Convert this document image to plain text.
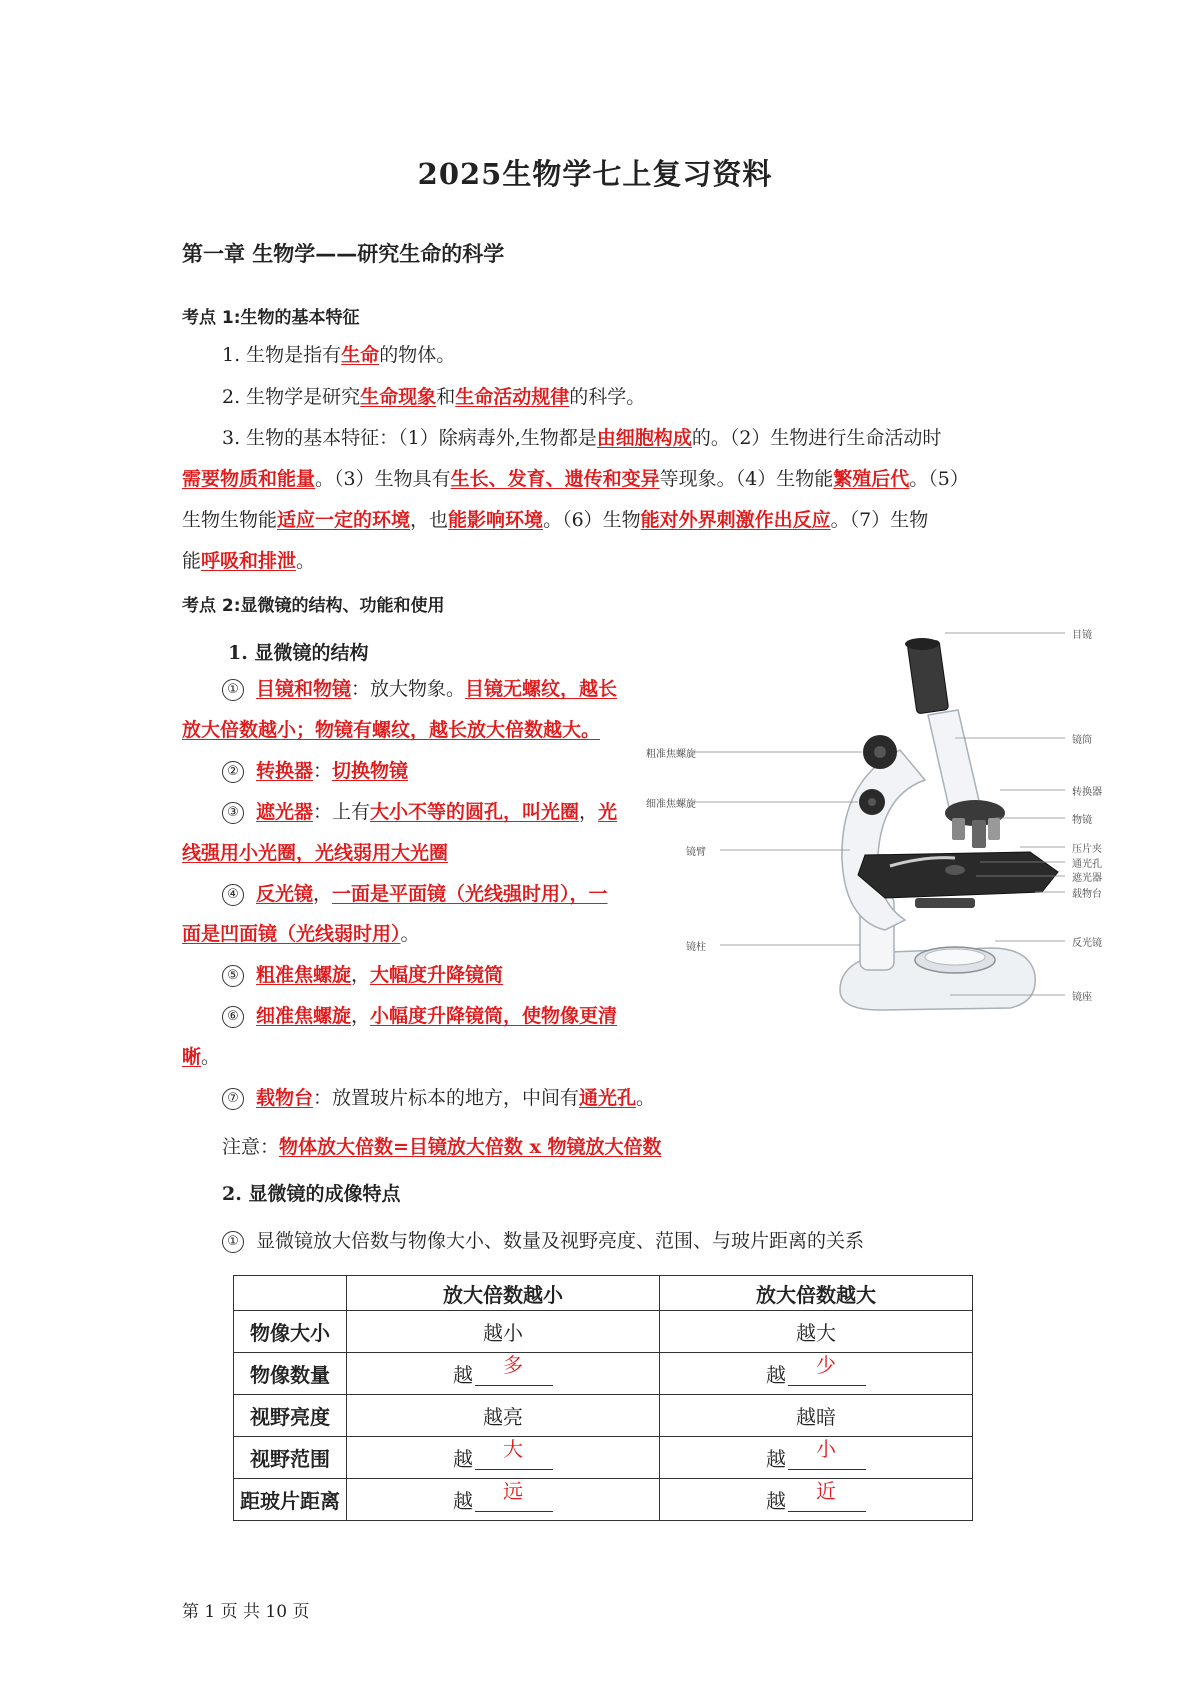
2025生物学七上复习资料
第一章 生物学——研究生命的科学
考点 1:生物的基本特征
1. 生物是指有生命的物体。
2. 生物学是研究生命现象和生命活动规律的科学。
3. 生物的基本特征：（1）除病毒外,生物都是由细胞构成的。（2）生物进行生命活动时
需要物质和能量。（3）生物具有生长、发育、遗传和变异等现象。（4）生物能繁殖后代。（5）
生物生物能适应一定的环境，也能影响环境。（6）生物能对外界刺激作出反应。（7）生物
能呼吸和排泄。
考点 2:显微镜的结构、功能和使用
1. 显微镜的结构
① 目镜和物镜：放大物象。目镜无螺纹，越长
放大倍数越小；物镜有螺纹，越长放大倍数越大。
② 转换器：切换物镜
③ 遮光器：上有大小不等的圆孔，叫光圈，光
线强用小光圈，光线弱用大光圈
④ 反光镜，一面是平面镜（光线强时用），一
面是凹面镜（光线弱时用）。
⑤ 粗准焦螺旋，大幅度升降镜筒
⑥ 细准焦螺旋，小幅度升降镜筒，使物像更清
晰。
⑦ 载物台：放置玻片标本的地方，中间有通光孔。
注意：物体放大倍数=目镜放大倍数 x 物镜放大倍数
2. 显微镜的成像特点
① 显微镜放大倍数与物像大小、数量及视野亮度、范围、与玻片距离的关系
目镜
镜筒
粗准焦螺旋
细准焦螺旋
转换器
物镜
镜臂	压片夹
通光孔
遮光器
载物台
镜柱	反光镜
镜座
	放大倍数越小	放大倍数越大
物像大小	越小	越大
物像数量	越 多	越 少

视野亮度	越亮	越暗
视野范围	越 大	越 小

距玻片距离	越 远	越 近
第 1 页 共 10 页
